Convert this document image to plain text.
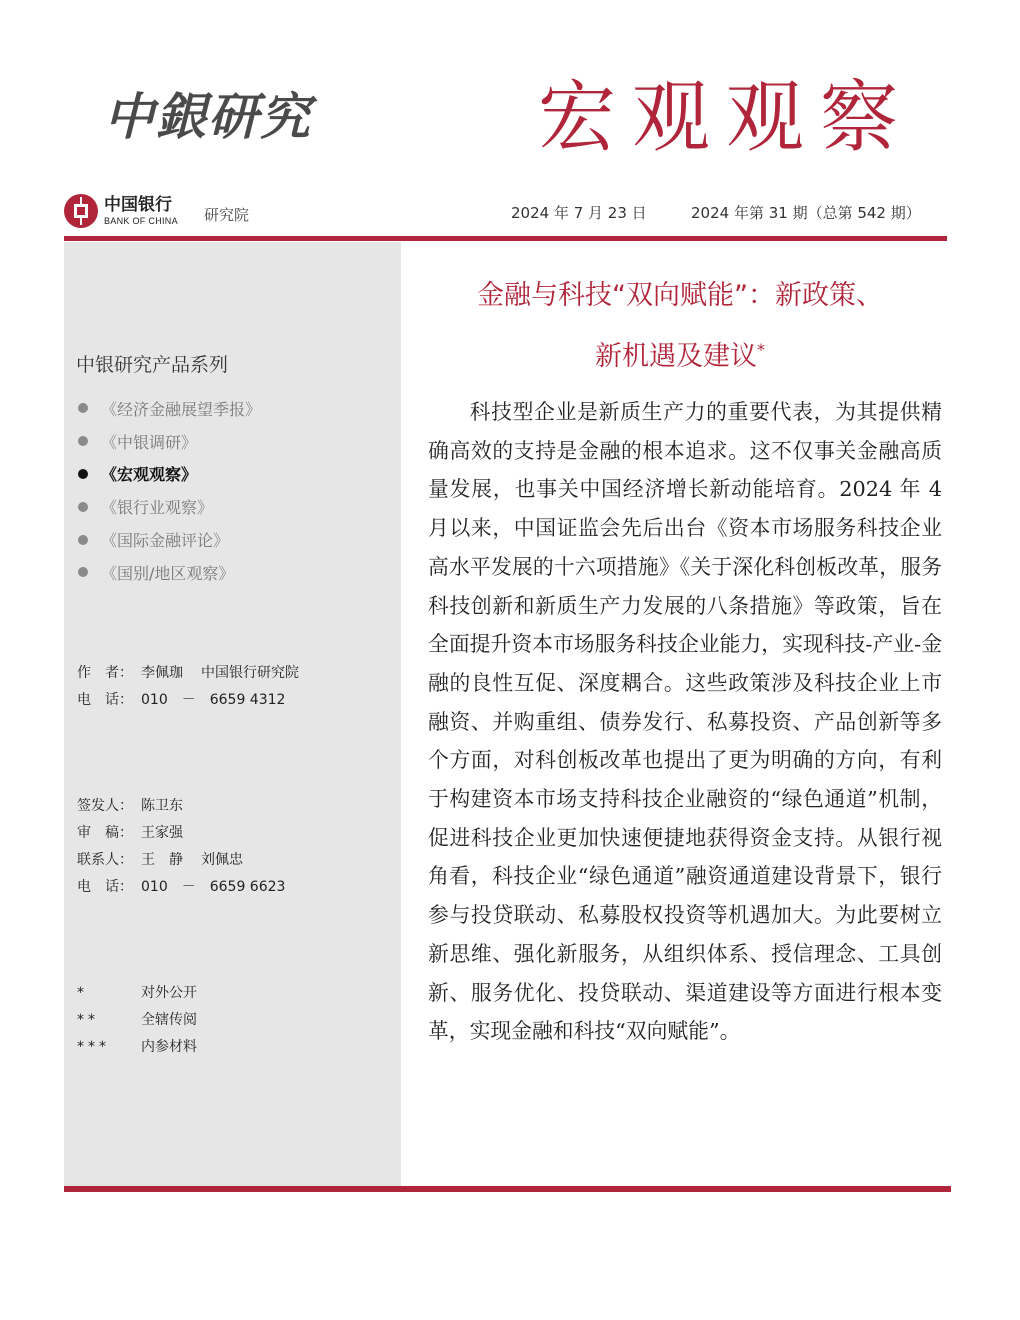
中銀研究	宏观观察
中国银行
BANK OF CHINA 研究院	2024 年 7 月 23 日	2024 年第 31 期（总第 542 期）
中银研究产品系列
《经济金融展望季报》
《中银调研》
《宏观观察》
《银行业观察》
《国际金融评论》
《国别/地区观察》
作　者： 李佩珈 中国银行研究院
电　话： 010　－　6659 4312
签发人： 陈卫东
审　稿： 王家强
联系人： 王　静 刘佩忠
电　话： 010　－　6659 6623
*	对外公开
**	全辖传阅
*** 内参材料
金融与科技“双向赋能”：新政策、
新机遇及建议*

科技型企业是新质生产力的重要代表，为其提供精确高效的支持是金融的根本追求。这不仅事关金融高质量发展，也事关中国经济增长新动能培育。2024 年 4 月以来，中国证监会先后出台《资本市场服务科技企业高水平发展的十六项措施》《关于深化科创板改革，服务科技创新和新质生产力发展的八条措施》等政策，旨在全面提升资本市场服务科技企业能力，实现科技-产业-金融的良性互促、深度耦合。这些政策涉及科技企业上市融资、并购重组、债券发行、私募投资、产品创新等多个方面，对科创板改革也提出了更为明确的方向，有利于构建资本市场支持科技企业融资的“绿色通道”机制，促进科技企业更加快速便捷地获得资金支持。从银行视角看，科技企业“绿色通道”融资通道建设背景下，银行参与投贷联动、私募股权投资等机遇加大。为此要树立新思维、强化新服务，从组织体系、授信理念、工具创新、服务优化、投贷联动、渠道建设等方面进行根本变革，实现金融和科技“双向赋能”。
